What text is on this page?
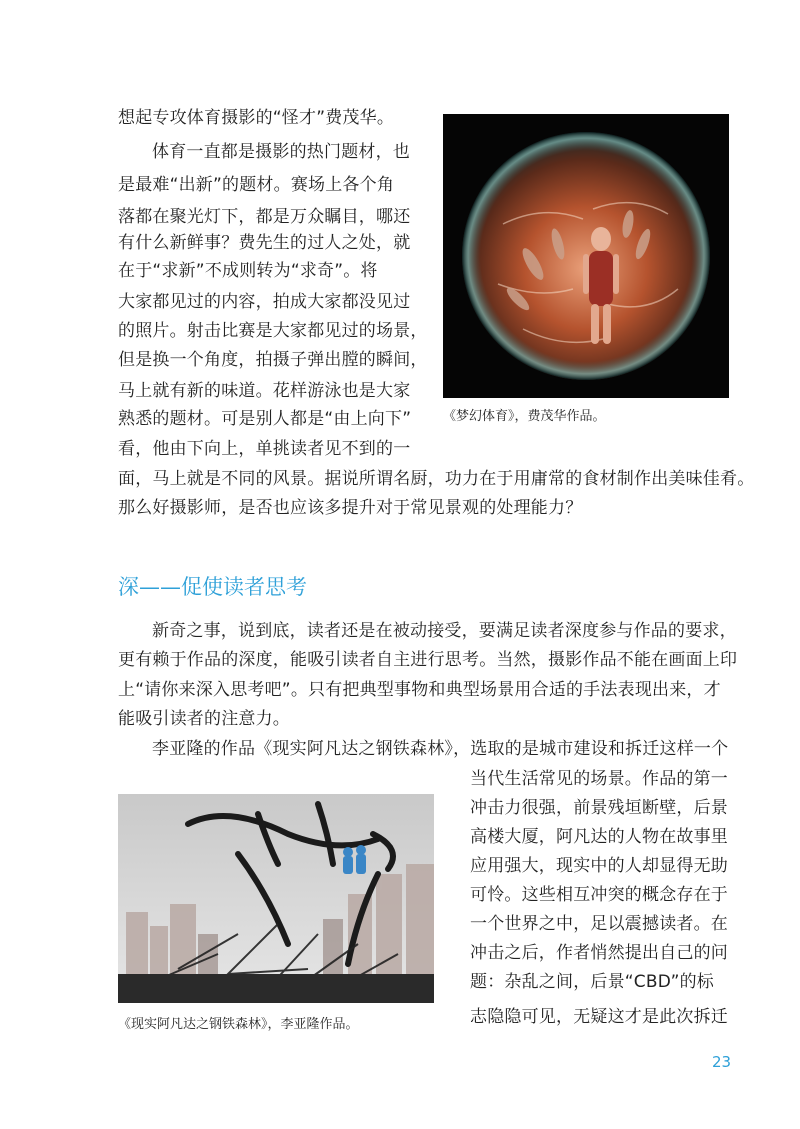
想起专攻体育摄影的“怪才”费茂华。
体育一直都是摄影的热门题材，也
是最难“出新”的题材。赛场上各个角
落都在聚光灯下，都是万众瞩目，哪还
有什么新鲜事？费先生的过人之处，就
在于“求新”不成则转为“求奇”。将
大家都见过的内容，拍成大家都没见过
的照片。射击比赛是大家都见过的场景，
但是换一个角度，拍摄子弹出膛的瞬间，
马上就有新的味道。花样游泳也是大家
熟悉的题材。可是别人都是“由上向下”
看，他由下向上，单挑读者见不到的一
面，马上就是不同的风景。据说所谓名厨，功力在于用庸常的食材制作出美味佳肴。
那么好摄影师，是否也应该多提升对于常见景观的处理能力？
《梦幻体育》，费茂华作品。
深——促使读者思考
新奇之事，说到底，读者还是在被动接受，要满足读者深度参与作品的要求，
更有赖于作品的深度，能吸引读者自主进行思考。当然，摄影作品不能在画面上印
上“请你来深入思考吧”。只有把典型事物和典型场景用合适的手法表现出来，才
能吸引读者的注意力。
李亚隆的作品《现实阿凡达之钢铁森林》，选取的是城市建设和拆迁这样一个
当代生活常见的场景。作品的第一
冲击力很强，前景残垣断壁，后景
高楼大厦，阿凡达的人物在故事里
应用强大，现实中的人却显得无助
可怜。这些相互冲突的概念存在于
一个世界之中，足以震撼读者。在
冲击之后，作者悄然提出自己的问
题：杂乱之间，后景“CBD”的标
志隐隐可见，无疑这才是此次拆迁
《现实阿凡达之钢铁森林》，李亚隆作品。
23
